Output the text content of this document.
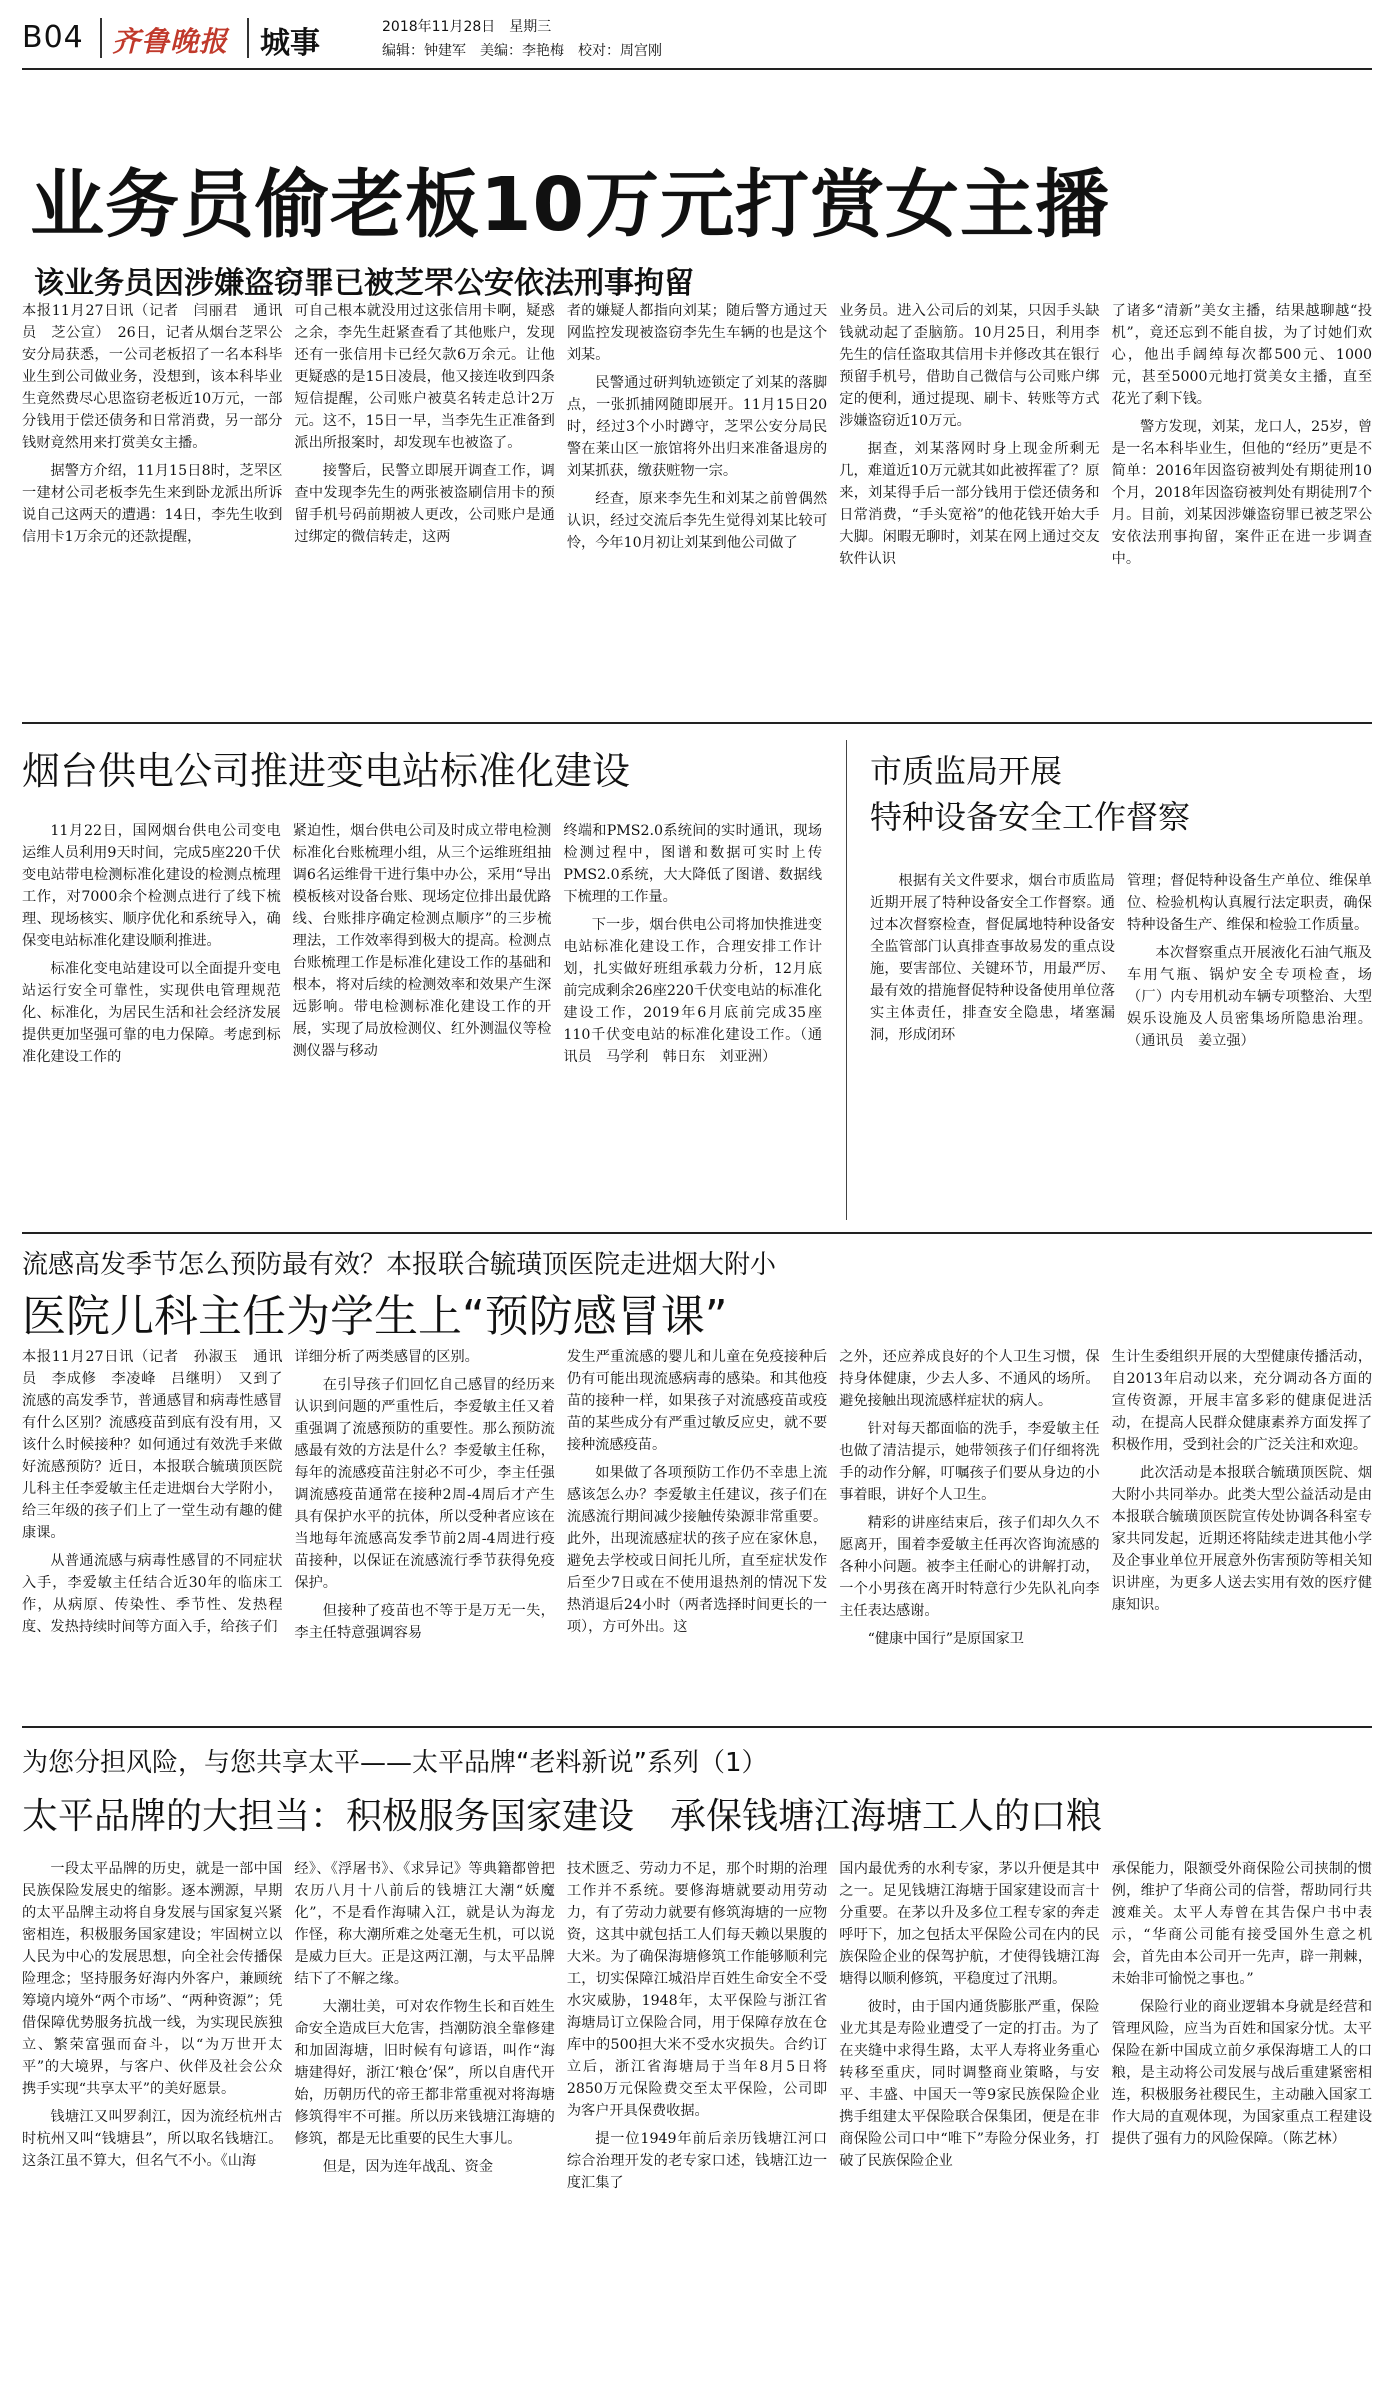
B04 齐鲁晚报 城事	2018年11月28日　星期三
编辑：钟建军　美编：李艳梅　校对：周宫刚
业务员偷老板10万元打赏女主播
该业务员因涉嫌盗窃罪已被芝罘公安依法刑事拘留

本报11月27日讯（记者　闫丽君　通讯员　芝公宣）　26日，记者从烟台芝罘公安分局获悉，一公司老板招了一名本科毕业生到公司做业务，没想到，该本科毕业生竟然费尽心思盗窃老板近10万元，一部分钱用于偿还债务和日常消费，另一部分钱财竟然用来打赏美女主播。

据警方介绍，11月15日8时，芝罘区一建材公司老板李先生来到卧龙派出所诉说自己这两天的遭遇：14日，李先生收到信用卡1万余元的还款提醒，

可自己根本就没用过这张信用卡啊，疑惑之余，李先生赶紧查看了其他账户，发现还有一张信用卡已经欠款6万余元。让他更疑惑的是15日凌晨，他又接连收到四条短信提醒，公司账户被莫名转走总计2万元。这不，15日一早，当李先生正准备到派出所报案时，却发现车也被盗了。

接警后，民警立即展开调查工作，调查中发现李先生的两张被盗刷信用卡的预留手机号码前期被人更改，公司账户是通过绑定的微信转走，这两

者的嫌疑人都指向刘某；随后警方通过天网监控发现被盗窃李先生车辆的也是这个刘某。

民警通过研判轨迹锁定了刘某的落脚点，一张抓捕网随即展开。11月15日20时，经过3个小时蹲守，芝罘公安分局民警在莱山区一旅馆将外出归来准备退房的刘某抓获，缴获赃物一宗。

经查，原来李先生和刘某之前曾偶然认识，经过交流后李先生觉得刘某比较可怜，今年10月初让刘某到他公司做了

业务员。进入公司后的刘某，只因手头缺钱就动起了歪脑筋。10月25日，利用李先生的信任盗取其信用卡并修改其在银行预留手机号，借助自己微信与公司账户绑定的便利，通过提现、刷卡、转账等方式涉嫌盗窃近10万元。

据查，刘某落网时身上现金所剩无几，难道近10万元就其如此被挥霍了？原来，刘某得手后一部分钱用于偿还债务和日常消费，“手头宽裕”的他花钱开始大手大脚。闲暇无聊时，刘某在网上通过交友软件认识

了诸多“清新”美女主播，结果越聊越“投机”，竟还忘到不能自拔，为了讨她们欢心，他出手阔绰每次都500元、1000元，甚至5000元地打赏美女主播，直至花光了剩下钱。

警方发现，刘某，龙口人，25岁，曾是一名本科毕业生，但他的“经历”更是不简单：2016年因盗窃被判处有期徒刑10个月，2018年因盗窃被判处有期徒刑7个月。目前，刘某因涉嫌盗窃罪已被芝罘公安依法刑事拘留，案件正在进一步调查中。

烟台供电公司推进变电站标准化建设

11月22日，国网烟台供电公司变电运维人员利用9天时间，完成5座220千伏变电站带电检测标准化建设的检测点梳理工作，对7000余个检测点进行了线下梳理、现场核实、顺序优化和系统导入，确保变电站标准化建设顺利推进。

标准化变电站建设可以全面提升变电站运行安全可靠性，实现供电管理规范化、标准化，为居民生活和社会经济发展提供更加坚强可靠的电力保障。考虑到标准化建设工作的

紧迫性，烟台供电公司及时成立带电检测标准化台账梳理小组，从三个运维班组抽调6名运维骨干进行集中办公，采用“导出模板核对设备台账、现场定位排出最优路线、台账排序确定检测点顺序”的三步梳理法，工作效率得到极大的提高。检测点台账梳理工作是标准化建设工作的基础和根本，将对后续的检测效率和效果产生深远影响。带电检测标准化建设工作的开展，实现了局放检测仪、红外测温仪等检测仪器与移动

终端和PMS2.0系统间的实时通讯，现场检测过程中，图谱和数据可实时上传PMS2.0系统，大大降低了图谱、数据线下梳理的工作量。

下一步，烟台供电公司将加快推进变电站标准化建设工作，合理安排工作计划，扎实做好班组承载力分析，12月底前完成剩余26座220千伏变电站的标准化建设工作，2019年6月底前完成35座110千伏变电站的标准化建设工作。（通讯员　马学利　韩日东　刘亚洲）

市质监局开展
特种设备安全工作督察

根据有关文件要求，烟台市质监局近期开展了特种设备安全工作督察。通过本次督察检查，督促属地特种设备安全监管部门认真排查事故易发的重点设施，要害部位、关键环节，用最严厉、最有效的措施督促特种设备使用单位落实主体责任，排查安全隐患，堵塞漏洞，形成闭环

管理；督促特种设备生产单位、维保单位、检验机构认真履行法定职责，确保特种设备生产、维保和检验工作质量。

本次督察重点开展液化石油气瓶及车用气瓶、锅炉安全专项检查，场（厂）内专用机动车辆专项整治、大型娱乐设施及人员密集场所隐患治理。（通讯员　姜立强）

流感高发季节怎么预防最有效？本报联合毓璜顶医院走进烟大附小
医院儿科主任为学生上“预防感冒课”

本报11月27日讯（记者　孙淑玉　通讯员　李成修　李凌峰　吕继明）　又到了流感的高发季节，普通感冒和病毒性感冒有什么区别？流感疫苗到底有没有用，又该什么时候接种？如何通过有效洗手来做好流感预防？近日，本报联合毓璜顶医院儿科主任李爱敏主任走进烟台大学附小，给三年级的孩子们上了一堂生动有趣的健康课。

从普通流感与病毒性感冒的不同症状入手，李爱敏主任结合近30年的临床工作，从病原、传染性、季节性、发热程度、发热持续时间等方面入手，给孩子们

详细分析了两类感冒的区别。

在引导孩子们回忆自己感冒的经历来认识到问题的严重性后，李爱敏主任又着重强调了流感预防的重要性。那么预防流感最有效的方法是什么？李爱敏主任称，每年的流感疫苗注射必不可少，李主任强调流感疫苗通常在接种2周-4周后才产生具有保护水平的抗体，所以受种者应该在当地每年流感高发季节前2周-4周进行疫苗接种，以保证在流感流行季节获得免疫保护。

但接种了疫苗也不等于是万无一失，李主任特意强调容易

发生严重流感的婴儿和儿童在免疫接种后仍有可能出现流感病毒的感染。和其他疫苗的接种一样，如果孩子对流感疫苗或疫苗的某些成分有严重过敏反应史，就不要接种流感疫苗。

如果做了各项预防工作仍不幸患上流感该怎么办？李爱敏主任建议，孩子们在流感流行期间减少接触传染源非常重要。此外，出现流感症状的孩子应在家休息，避免去学校或日间托儿所，直至症状发作后至少7日或在不使用退热剂的情况下发热消退后24小时（两者选择时间更长的一项），方可外出。这

之外，还应养成良好的个人卫生习惯，保持身体健康，少去人多、不通风的场所。避免接触出现流感样症状的病人。

针对每天都面临的洗手，李爱敏主任也做了清洁提示，她带领孩子们仔细将洗手的动作分解，叮嘱孩子们要从身边的小事着眼，讲好个人卫生。

精彩的讲座结束后，孩子们却久久不愿离开，围着李爱敏主任再次咨询流感的各种小问题。被李主任耐心的讲解打动，一个小男孩在离开时特意行少先队礼向李主任表达感谢。

“健康中国行”是原国家卫

生计生委组织开展的大型健康传播活动，自2013年启动以来，充分调动各方面的宣传资源，开展丰富多彩的健康促进活动，在提高人民群众健康素养方面发挥了积极作用，受到社会的广泛关注和欢迎。

此次活动是本报联合毓璜顶医院、烟大附小共同举办。此类大型公益活动是由本报联合毓璜顶医院宣传处协调各科室专家共同发起，近期还将陆续走进其他小学及企事业单位开展意外伤害预防等相关知识讲座，为更多人送去实用有效的医疗健康知识。

为您分担风险，与您共享太平——太平品牌“老料新说”系列（1）
太平品牌的大担当：积极服务国家建设　承保钱塘江海塘工人的口粮

一段太平品牌的历史，就是一部中国民族保险发展史的缩影。逐本溯源，早期的太平品牌主动将自身发展与国家复兴紧密相连，积极服务国家建设；牢固树立以人民为中心的发展思想，向全社会传播保险理念；坚持服务好海内外客户，兼顾统筹境内境外“两个市场”、“两种资源”；凭借保障优势服务抗战一线，为实现民族独立、繁荣富强而奋斗，以“为万世开太平”的大境界，与客户、伙伴及社会公众携手实现“共享太平”的美好愿景。

钱塘江又叫罗刹江，因为流经杭州古时杭州又叫“钱塘县”，所以取名钱塘江。这条江虽不算大，但名气不小。《山海

经》、《浮屠书》、《求异记》等典籍都曾把农历八月十八前后的钱塘江大潮“妖魔化”，不是看作海啸入江，就是认为海龙作怪，称大潮所难之处毫无生机，可以说是威力巨大。正是这两江潮，与太平品牌结下了不解之缘。

大潮壮美，可对农作物生长和百姓生命安全造成巨大危害，挡潮防浪全靠修建和加固海塘，旧时候有句谚语，叫作“海塘建得好，浙江‘粮仓’保”，所以自唐代开始，历朝历代的帝王都非常重视对将海塘修筑得牢不可摧。所以历来钱塘江海塘的修筑，都是无比重要的民生大事儿。

但是，因为连年战乱、资金

技术匮乏、劳动力不足，那个时期的治理工作并不系统。要修海塘就要动用劳动力，有了劳动力就要有修筑海塘的一应物资，这其中就包括工人们每天赖以果腹的大米。为了确保海塘修筑工作能够顺利完工，切实保障江城沿岸百姓生命安全不受水灾威胁，1948年，太平保险与浙江省海塘局订立保险合同，用于保障存放在仓库中的500担大米不受水灾损失。合约订立后，浙江省海塘局于当年8月5日将2850万元保险费交至太平保险，公司即为客户开具保费收据。

提一位1949年前后亲历钱塘江河口综合治理开发的老专家口述，钱塘江边一度汇集了

国内最优秀的水利专家，茅以升便是其中之一。足见钱塘江海塘于国家建设而言十分重要。在茅以升及多位工程专家的奔走呼吁下，加之包括太平保险公司在内的民族保险企业的保驾护航，才使得钱塘江海塘得以顺利修筑，平稳度过了汛期。

彼时，由于国内通货膨胀严重，保险业尤其是寿险业遭受了一定的打击。为了在夹缝中求得生路，太平人寿将业务重心转移至重庆，同时调整商业策略，与安平、丰盛、中国天一等9家民族保险企业携手组建太平保险联合保集团，便是在非商保险公司口中“唯下”寿险分保业务，打破了民族保险企业

承保能力，限额受外商保险公司挟制的惯例，维护了华商公司的信誉，帮助同行共渡难关。太平人寿曾在其告保户书中表示，“华商公司能有接受国外生意之机会，首先由本公司开一先声，辟一荆棘，未始非可愉悦之事也。”

保险行业的商业逻辑本身就是经营和管理风险，应当为百姓和国家分忧。太平保险在新中国成立前夕承保海塘工人的口粮，是主动将公司发展与战后重建紧密相连，积极服务社稷民生，主动融入国家工作大局的直观体现，为国家重点工程建设提供了强有力的风险保障。（陈艺林）
